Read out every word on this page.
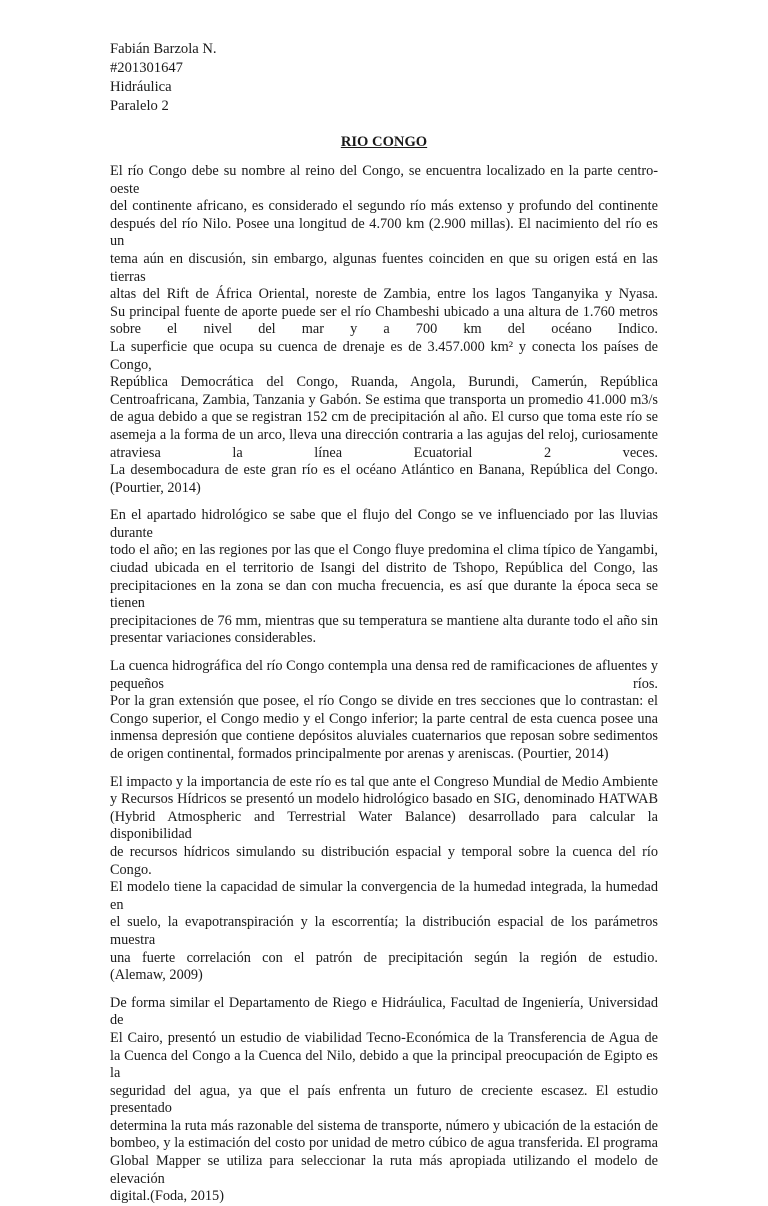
Fabián Barzola N.
#201301647
Hidráulica
Paralelo 2
RIO CONGO
El río Congo debe su nombre al reino del Congo, se encuentra localizado en la parte centro-oeste
del continente africano, es considerado el segundo río más extenso y profundo del continente
después del río Nilo. Posee una longitud de 4.700 km (2.900 millas). El nacimiento del río es un
tema aún en discusión, sin embargo, algunas fuentes coinciden en que su origen está en las tierras
altas del Rift de África Oriental, noreste de Zambia, entre los lagos Tanganyika y Nyasa.
Su principal fuente de aporte puede ser el río Chambeshi ubicado a una altura de 1.760 metros
sobre el nivel del mar y a 700 km del océano Indico.
La superficie que ocupa su cuenca de drenaje es de 3.457.000 km² y conecta los países de Congo,
República Democrática del Congo, Ruanda, Angola, Burundi, Camerún, República
Centroafricana, Zambia, Tanzania y Gabón. Se estima que transporta un promedio 41.000 m3/s
de agua debido a que se registran 152 cm de precipitación al año. El curso que toma este río se
asemeja a la forma de un arco, lleva una dirección contraria a las agujas del reloj, curiosamente
atraviesa la línea Ecuatorial 2 veces.
La desembocadura de este gran río es el océano Atlántico en Banana, República del Congo.
(Pourtier, 2014)
En el apartado hidrológico se sabe que el flujo del Congo se ve influenciado por las lluvias durante
todo el año; en las regiones por las que el Congo fluye predomina el clima típico de Yangambi,
ciudad ubicada en el territorio de Isangi del distrito de Tshopo, República del Congo, las
precipitaciones en la zona se dan con mucha frecuencia, es así que durante la época seca se tienen
precipitaciones de 76 mm, mientras que su temperatura se mantiene alta durante todo el año sin
presentar variaciones considerables.
La cuenca hidrográfica del río Congo contempla una densa red de ramificaciones de afluentes y
pequeños ríos.
Por la gran extensión que posee, el río Congo se divide en tres secciones que lo contrastan: el
Congo superior, el Congo medio y el Congo inferior; la parte central de esta cuenca posee una
inmensa depresión que contiene depósitos aluviales cuaternarios que reposan sobre sedimentos
de origen continental, formados principalmente por arenas y areniscas. (Pourtier, 2014)
El impacto y la importancia de este río es tal que ante el Congreso Mundial de Medio Ambiente
y Recursos Hídricos se presentó un modelo hidrológico basado en SIG, denominado HATWAB
(Hybrid Atmospheric and Terrestrial Water Balance) desarrollado para calcular la disponibilidad
de recursos hídricos simulando su distribución espacial y temporal sobre la cuenca del río Congo.
El modelo tiene la capacidad de simular la convergencia de la humedad integrada, la humedad en
el suelo, la evapotranspiración y la escorrentía; la distribución espacial de los parámetros muestra
una fuerte correlación con el patrón de precipitación según la región de estudio.
(Alemaw, 2009)
De forma similar el Departamento de Riego e Hidráulica, Facultad de Ingeniería, Universidad de
El Cairo, presentó un estudio de viabilidad Tecno-Económica de la Transferencia de Agua de
la Cuenca del Congo a la Cuenca del Nilo, debido a que la principal preocupación de Egipto es la
seguridad del agua, ya que el país enfrenta un futuro de creciente escasez. El estudio presentado
determina la ruta más razonable del sistema de transporte, número y ubicación de la estación de
bombeo, y la estimación del costo por unidad de metro cúbico de agua transferida. El programa
Global Mapper se utiliza para seleccionar la ruta más apropiada utilizando el modelo de elevación
digital.(Foda, 2015)
